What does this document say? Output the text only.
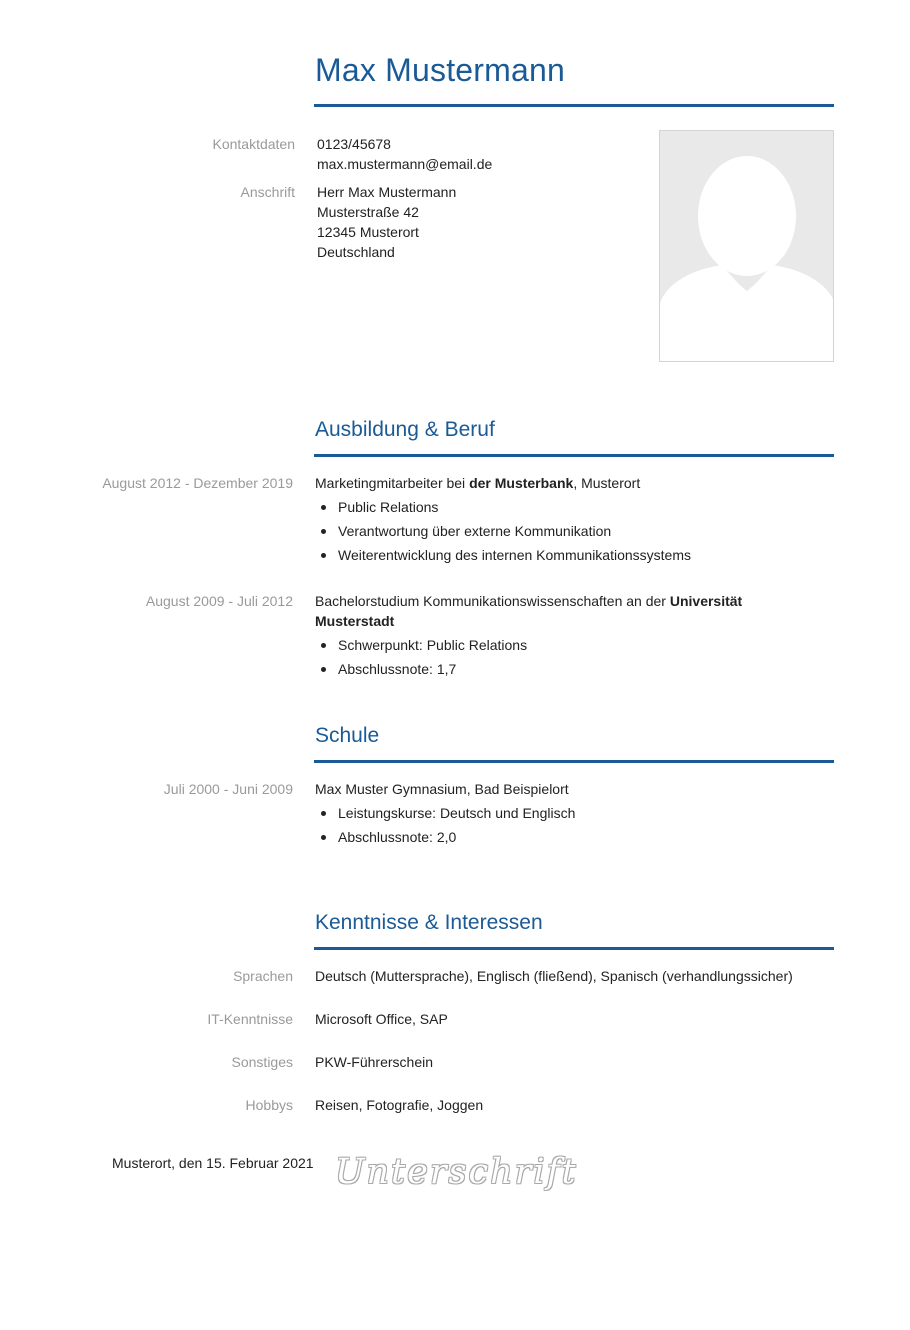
Max Mustermann
Kontaktdaten 0123/45678
max.mustermann@email.de
Anschrift Herr Max Mustermann
Musterstraße 42
12345 Musterort
Deutschland
Ausbildung & Beruf
August 2012 - Dezember 2019 Marketingmitarbeiter bei der Musterbank, Musterort
Public Relations
Verantwortung über externe Kommunikation
Weiterentwicklung des internen Kommunikationssystems
August 2009 - Juli 2012 Bachelorstudium Kommunikationswissenschaften an der Universität Musterstadt
Schwerpunkt: Public Relations
Abschlussnote: 1,7
Schule
Juli 2000 - Juni 2009 Max Muster Gymnasium, Bad Beispielort
Leistungskurse: Deutsch und Englisch
Abschlussnote: 2,0
Kenntnisse & Interessen
Sprachen Deutsch (Muttersprache), Englisch (fließend), Spanisch (verhandlungssicher)
IT-Kenntnisse Microsoft Office, SAP
Sonstiges PKW-Führerschein
Hobbys Reisen, Fotografie, Joggen
Musterort, den 15. Februar 2021 Unterschrift
